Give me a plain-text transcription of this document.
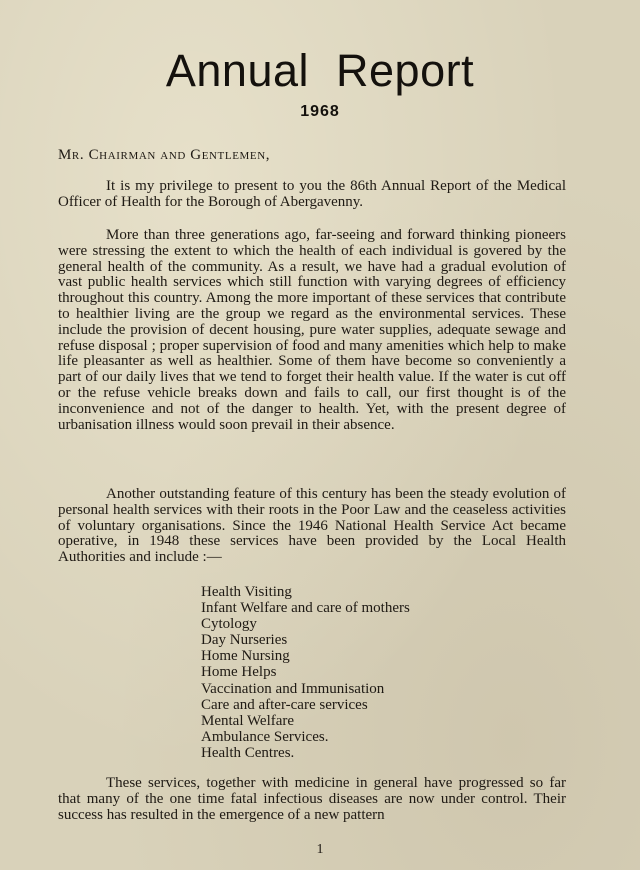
Annual Report
1968
Mr. Chairman and Gentlemen,

It is my privilege to present to you the 86th Annual Report of the Medical Officer of Health for the Borough of Abergavenny.

More than three generations ago, far-seeing and forward thinking pioneers were stressing the extent to which the health of each individual is govered by the general health of the community. As a result, we have had a gradual evolution of vast public health services which still function with varying degrees of efficiency throughout this country. Among the more important of these services that contribute to healthier living are the group we regard as the environmental services. These include the provision of decent housing, pure water supplies, adequate sewage and refuse disposal ; proper supervision of food and many amenities which help to make life pleasanter as well as healthier. Some of them have become so conveniently a part of our daily lives that we tend to forget their health value. If the water is cut off or the refuse vehicle breaks down and fails to call, our first thought is of the inconvenience and not of the danger to health. Yet, with the present degree of urbanisation illness would soon prevail in their absence.

Another outstanding feature of this century has been the steady evolution of personal health services with their roots in the Poor Law and the ceaseless activities of voluntary organisations. Since the 1946 National Health Service Act became operative, in 1948 these services have been provided by the Local Health Authorities and include :—

Health Visiting
Infant Welfare and care of mothers
Cytology
Day Nurseries
Home Nursing
Home Helps
Vaccination and Immunisation
Care and after-care services
Mental Welfare
Ambulance Services.
Health Centres.

These services, together with medicine in general have progressed so far that many of the one time fatal infectious diseases are now under control. Their success has resulted in the emergence of a new pattern

1
